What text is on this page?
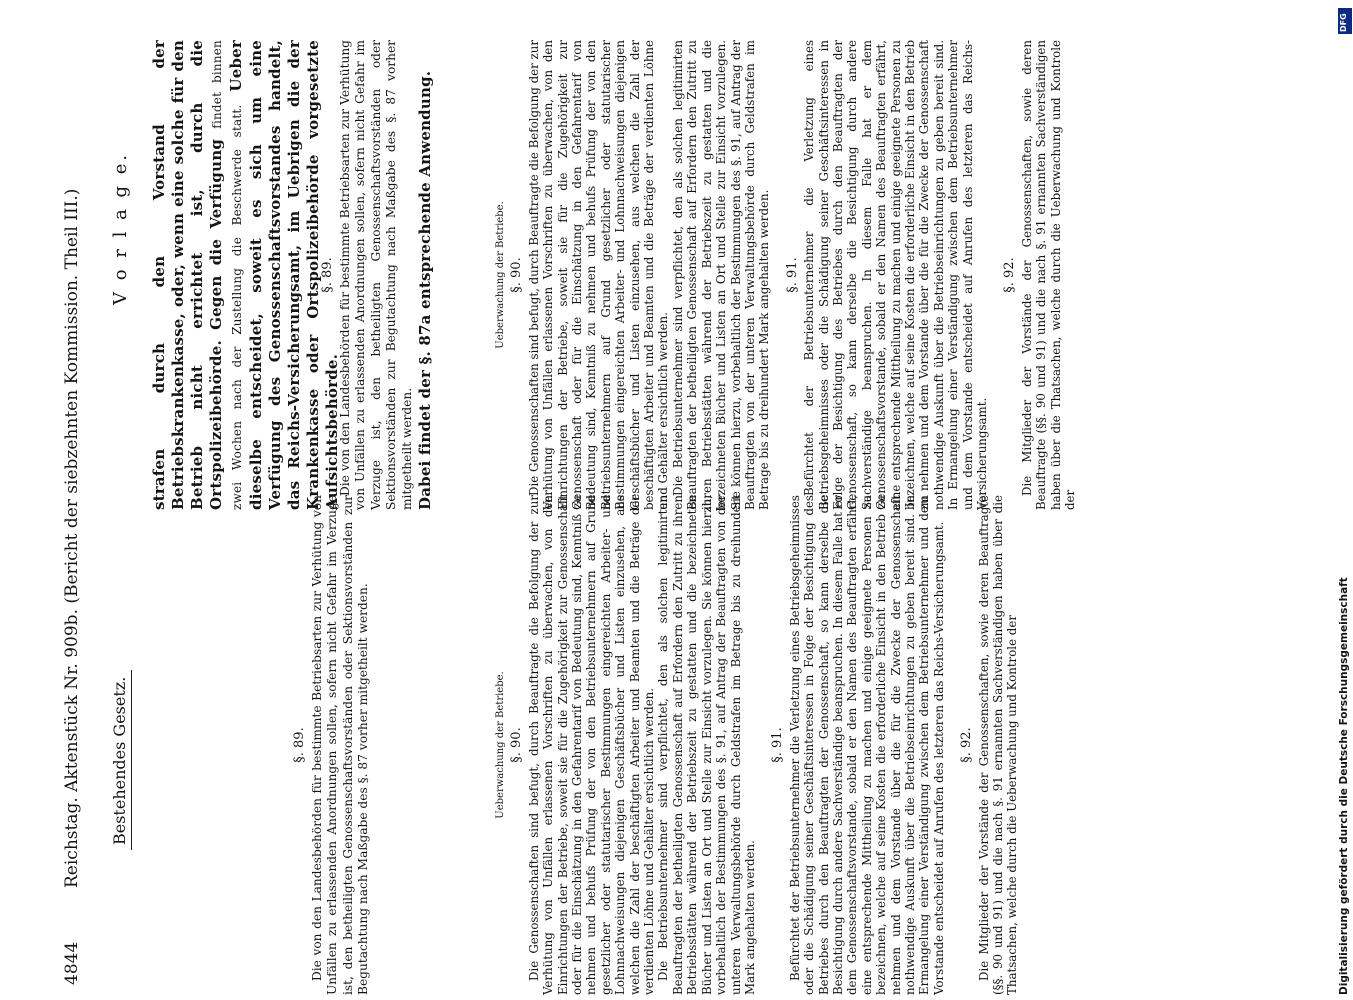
4844
Reichstag. Aktenstück Nr. 909b. (Bericht der siebzehnten Kommission. Theil III.) Bestehendes Gesetz.
V o r l a g e.

§. 89. Die von den Landesbehörden für bestimmte Betriebsarten zur Verhütung von Unfällen zu erlassenden Anordnungen sollen, sofern nicht Gefahr im Verzuge ist, den betheiligten Genossenschaftsvorständen oder Sektionsvorständen zur Begutachtung nach Maßgabe des §. 87 vorher mitgetheilt werden.	Ueberwachung der Betriebe. §. 90. Die Genossenschaften sind befugt, durch Beauftragte die Befolgung der zur Verhütung von Unfällen erlassenen Vorschriften zu überwachen, von den Einrichtungen der Betriebe, soweit sie für die Zugehörigkeit zur Genossenschaft oder für die Einschätzung in den Gefahrentarif von Bedeutung sind, Kenntniß zu nehmen und behufs Prüfung der von den Betriebsunternehmern auf Grund gesetzlicher oder statutarischer Bestimmungen eingereichten Arbeiter- und Lohnnachweisungen diejenigen Geschäftsbücher und Listen einzusehen, aus welchen die Zahl der beschäftigten Arbeiter und Beamten und die Beträge der verdienten Löhne und Gehälter ersichtlich werden. Die Betriebsunternehmer sind verpflichtet, den als solchen legitimirten Beauftragten der betheiligten Genossenschaft auf Erfordern den Zutritt zu ihren Betriebsstätten während der Betriebszeit zu gestatten und die bezeichneten Bücher und Listen an Ort und Stelle zur Einsicht vorzulegen. Sie können hierzu, vorbehaltlich der Bestimmungen des §. 91, auf Antrag der Beauftragten von der unteren Verwaltungsbehörde durch Geldstrafen im Betrage bis zu dreihundert Mark angehalten werden.

§. 91. Befürchtet der Betriebsunternehmer die Verletzung eines Betriebsgeheimnisses oder die Schädigung seiner Geschäftsinteressen in Folge der Besichtigung des Betriebes durch den Beauftragten der Genossenschaft, so kann derselbe die Besichtigung durch andere Sachverständige beanspruchen. In diesem Falle hat er dem Genossenschaftsvorstande, sobald er den Namen des Beauftragten erfährt, eine entsprechende Mittheilung zu machen und einige geeignete Personen zu bezeichnen, welche auf seine Kosten die erforderliche Einsicht in den Betrieb zu nehmen und dem Vorstande über die für die Zwecke der Genossenschaft nothwendige Auskunft über die Betriebseinrichtungen zu geben bereit sind. In Ermangelung einer Verständigung zwischen dem Betriebsunternehmer und dem Vorstande entscheidet auf Anrufen des letzteren das Reichs-Versicherungsamt. §. 92. Die Mitglieder der Vorstände der Genossenschaften, sowie deren Beauftragte (§§. 90 und 91) und die nach §. 91 ernannten Sachverständigen haben über die Thatsachen, welche durch die Ueberwachung und Kontrole der

strafen durch den Vorstand der Betriebskrankenkasse, oder, wenn eine solche für den Betrieb nicht errichtet ist, durch die Ortspolizeibehörde. Gegen die Verfügung findet binnen zwei Wochen nach der Zustellung die Beschwerde statt. Ueber dieselbe entscheidet, soweit es sich um eine Verfügung des Genossenschaftsvorstandes handelt, das Reichs-Versicherungsamt, im Uebrigen die der Krankenkasse oder Ortspolizeibehörde vorgesetzte Aufsichtsbehörde.

§. 89. Die von den Landesbehörden für bestimmte Betriebsarten zur Verhütung von Unfällen zu erlassenden Anordnungen sollen, sofern nicht Gefahr im Verzuge ist, den betheiligten Genossenschaftsvorständen oder Sektionsvorständen zur Begutachtung nach Maßgabe des §. 87 vorher mitgetheilt werden. Dabei findet der §. 87a entsprechende Anwendung.	Ueberwachung der Betriebe. §. 90. Die Genossenschaften sind befugt, durch Beauftragte die Befolgung der zur Verhütung von Unfällen erlassenen Vorschriften zu überwachen, von den Einrichtungen der Betriebe, soweit sie für die Zugehörigkeit zur Genossenschaft oder für die Einschätzung in den Gefahrentarif von Bedeutung sind, Kenntniß zu nehmen und behufs Prüfung der von den Betriebsunternehmern auf Grund gesetzlicher oder statutarischer Bestimmungen eingereichten Arbeiter- und Lohnnachweisungen diejenigen Geschäftsbücher und Listen einzusehen, aus welchen die Zahl der beschäftigten Arbeiter und Beamten und die Beträge der verdienten Löhne und Gehälter ersichtlich werden. Die Betriebsunternehmer sind verpflichtet, den als solchen legitimirten Beauftragten der betheiligten Genossenschaft auf Erfordern den Zutritt zu ihren Betriebsstätten während der Betriebszeit zu gestatten und die bezeichneten Bücher und Listen an Ort und Stelle zur Einsicht vorzulegen. Sie können hierzu, vorbehaltlich der Bestimmungen des §. 91, auf Antrag der Beauftragten von der unteren Verwaltungsbehörde durch Geldstrafen im Betrage bis zu dreihundert Mark angehalten werden. §. 91. Befürchtet der Betriebsunternehmer die Verletzung eines Betriebsgeheimnisses oder die Schädigung seiner Geschäftsinteressen in Folge der Besichtigung des Betriebes durch den Beauftragten der Genossenschaft, so kann derselbe die Besichtigung durch andere Sachverständige beanspruchen. In diesem Falle hat er dem Genossenschaftsvorstande, sobald er den Namen des Beauftragten erfährt, eine entsprechende Mittheilung zu machen und einige geeignete Personen zu bezeichnen, welche auf seine Kosten die erforderliche Einsicht in den Betrieb zu nehmen und dem Vorstande über die für die Zwecke der Genossenschaft nothwendige Auskunft über die Betriebseinrichtungen zu geben bereit sind. In Ermangelung einer Verständigung zwischen dem Betriebsunternehmer und dem Vorstande entscheidet auf Anrufen des letzteren das Reichs-Versicherungsamt.

§. 92. Die Mitglieder der Vorstände der Genossenschaften, sowie deren Beauftragte (§§. 90 und 91) und die nach §. 91 ernannten Sachverständigen haben über die Thatsachen, welche durch die Ueberwachung und Kontrole der

Digitalisierung gefördert durch die Deutsche Forschungsgemeinschaft
DFG
